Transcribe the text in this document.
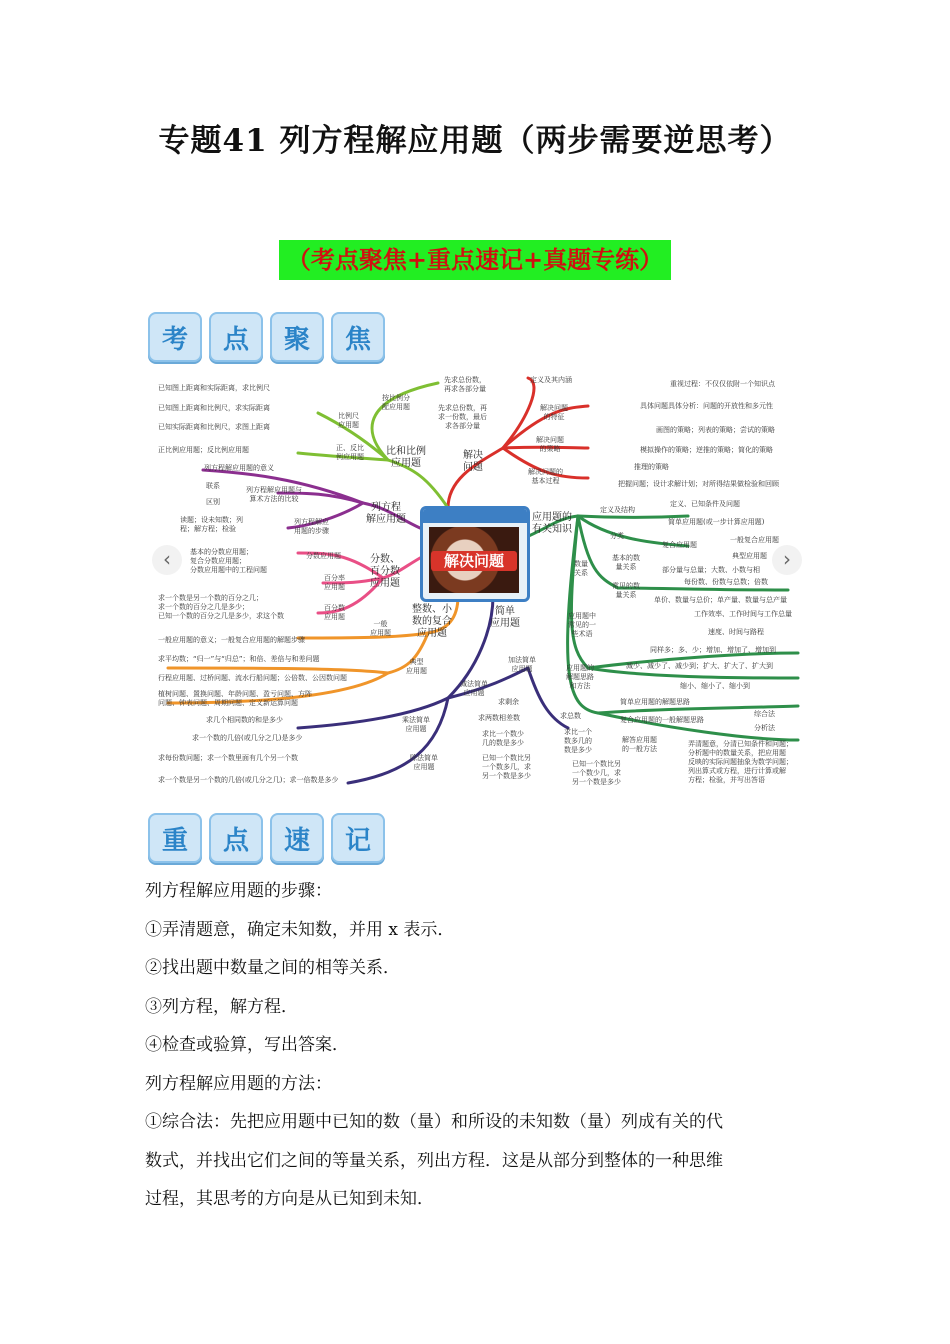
专题41 列方程解应用题（两步需要逆思考）
（考点聚焦+重点速记+真题专练）
考	点	聚	焦
解决问题
解决
问题
比和比例
应用题
列方程
解应用题
分数、
百分数
应用题
整数、小
数的复合
应用题
简单
应用题
应用题的
有关知识
定义及其内涵
解决问题
的特征
解决问题
的策略
解决问题的
基本过程
重视过程：不仅仅依附一个知识点
具体问题具体分析：问题的开放性和多元性
画图的策略；列表的策略；尝试的策略
模拟操作的策略；逆推的策略；简化的策略
推理的策略
把握问题；设计求解计划；对所得结果做检验和回顾
按比例分
配应用题
先求总份数，
再求各部分量
先求总份数，再
求一份数，最后
求各部分量
比例尺
应用题
已知图上距离和实际距离，求比例尺
已知图上距离和比例尺，求实际距离
已知实际距离和比例尺，求图上距离
正、反比
例应用题
正比例应用题；反比例应用题
列方程解应用题的意义
联系
区别
列方程解应用题与
算术方法的比较
读题；设未知数；列
程；解方程；检验
列方程解应
用题的步骤
分数应用题
基本的分数应用题；
复合分数应用题；
分数应用题中的工程问题
百分率
应用题
百分数
应用题
求一个数是另一个数的百分之几；
求一个数的百分之几是多少；
已知一个数的百分之几是多少，求这个数
一般
应用题
一般应用题的意义；一般复合应用题的解题步骤
典型
应用题
求平均数；“归一”与“归总”；和倍、差倍与和差问题
行程应用题、过桥问题、流水行船问题；公倍数、公因数问题
植树问题、置换问题、年龄问题、盈亏问题、方阵
问题、钟表问题、周期问题、定义新运算问题
乘法简单
应用题
求几个相同数的和是多少
求一个数的几倍(或几分之几)是多少
除法简单
应用题
求每份数问题；求一个数里面有几个另一个数
求一个数是另一个数的几倍(或几分之几)；求一倍数是多少
减法简单
应用题
求剩余
求两数相差数
求比一个数少
几的数是多少
已知一个数比另
一个数多几，求
另一个数是多少
加法简单
应用题
求总数
求比一个
数多几的
数是多少
已知一个数比另
一个数少几，求
另一个数是多少
定义及结构
定义、已知条件及问题
分类
简单应用题(或一步计算应用题)
复合应用题
一般复合应用题
典型应用题
数量
关系
基本的数
量关系	部分量与总量；大数、小数与相
每份数、份数与总数；倍数
常见的数
量关系
单价、数量与总价；单产量、数量与总产量
工作效率、工作时间与工作总量
速度、时间与路程
应用题中
常见的一
些术语
同样多；多、少；增加、增加了、增加到
减少、减少了、减少到；扩大、扩大了、扩大到
缩小、缩小了、缩小到
应用题的
解题思路
和方法
简单应用题的解题思路
复合应用题的一般解题思路
综合法
分析法
解答应用题
的一般方法
弄清题意，分清已知条件和问题；
分析题中的数量关系，把应用题
反映的实际问题抽象为数学问题；
列出算式或方程，进行计算或解
方程；检验，并写出答语
‹	›
重	点	速	记

列方程解应用题的步骤：

①弄清题意，确定未知数，并用 x 表示．

②找出题中数量之间的相等关系．

③列方程，解方程．

④检查或验算，写出答案．

列方程解应用题的方法：

①综合法：先把应用题中已知的数（量）和所设的未知数（量）列成有关的代

数式，并找出它们之间的等量关系，列出方程．这是从部分到整体的一种思维

过程，其思考的方向是从已知到未知．
